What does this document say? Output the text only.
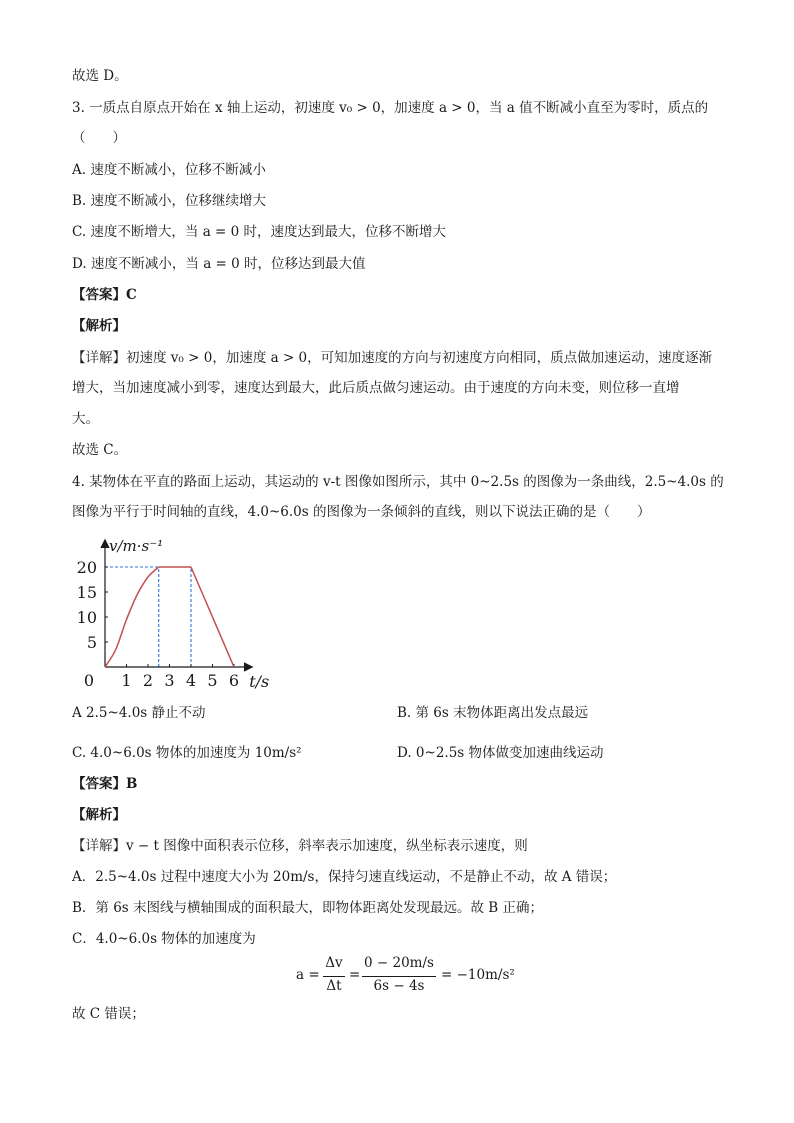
故选 D。
3. 一质点自原点开始在 x 轴上运动，初速度 v₀ > 0，加速度 a > 0，当 a 值不断减小直至为零时，质点的
（　　）
A. 速度不断减小，位移不断减小
B. 速度不断减小，位移继续增大
C. 速度不断增大，当 a = 0 时，速度达到最大，位移不断增大
D. 速度不断减小，当 a = 0 时，位移达到最大值
【答案】C
【解析】
【详解】初速度 v₀ > 0，加速度 a > 0，可知加速度的方向与初速度方向相同，质点做加速运动，速度逐渐
增大，当加速度减小到零，速度达到最大，此后质点做匀速运动。由于速度的方向未变，则位移一直增
大。
故选 C。
4. 某物体在平直的路面上运动，其运动的 v-t 图像如图所示，其中 0~2.5s 的图像为一条曲线，2.5~4.0s 的
图像为平行于时间轴的直线，4.0~6.0s 的图像为一条倾斜的直线，则以下说法正确的是（　　）
1 2 3 4 5 6
5
10
15
20
0
v/m·s⁻¹
t/s
A 2.5~4.0s 静止不动	B. 第 6s 末物体距离出发点最远
C. 4.0~6.0s 物体的加速度为 10m/s²	D. 0~2.5s 物体做变加速曲线运动
【答案】B
【解析】
【详解】v − t 图像中面积表示位移，斜率表示加速度，纵坐标表示速度，则
A．2.5~4.0s 过程中速度大小为 20m/s，保持匀速直线运动，不是静止不动，故 A 错误；
B．第 6s 末图线与横轴围成的面积最大，即物体距离处发现最远。故 B 正确；
C．4.0~6.0s 物体的加速度为
a =
Δv
Δt
=
0 − 20m/s
6s − 4s
= −10m/s²
故 C 错误；
